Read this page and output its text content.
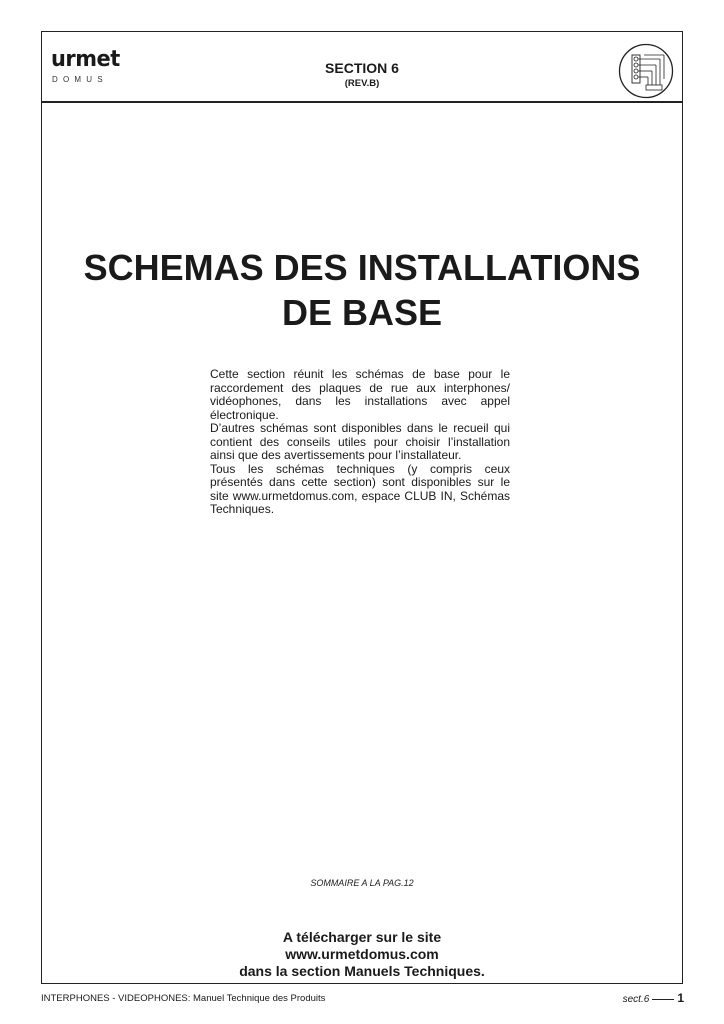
urmet
DOMUS
SECTION 6
(REV.B)
SCHEMAS DES INSTALLATIONS
DE BASE

Cette section réunit les schémas de base pour le raccordement des plaques de rue aux interphones/ vidéophones, dans les installations avec appel électronique.

D’autres schémas sont disponibles dans le recueil qui contient des conseils utiles pour choisir l’installation ainsi que des avertissements pour l’installateur.

Tous les schémas techniques (y compris ceux présentés dans cette section) sont disponibles sur le site www.urmetdomus.com, espace CLUB IN, Schémas Techniques.

SOMMAIRE A LA PAG.12
A télécharger sur le site
www.urmetdomus.com
dans la section Manuels Techniques.
INTERPHONES - VIDEOPHONES: Manuel Technique des Produits	sect.6 1
